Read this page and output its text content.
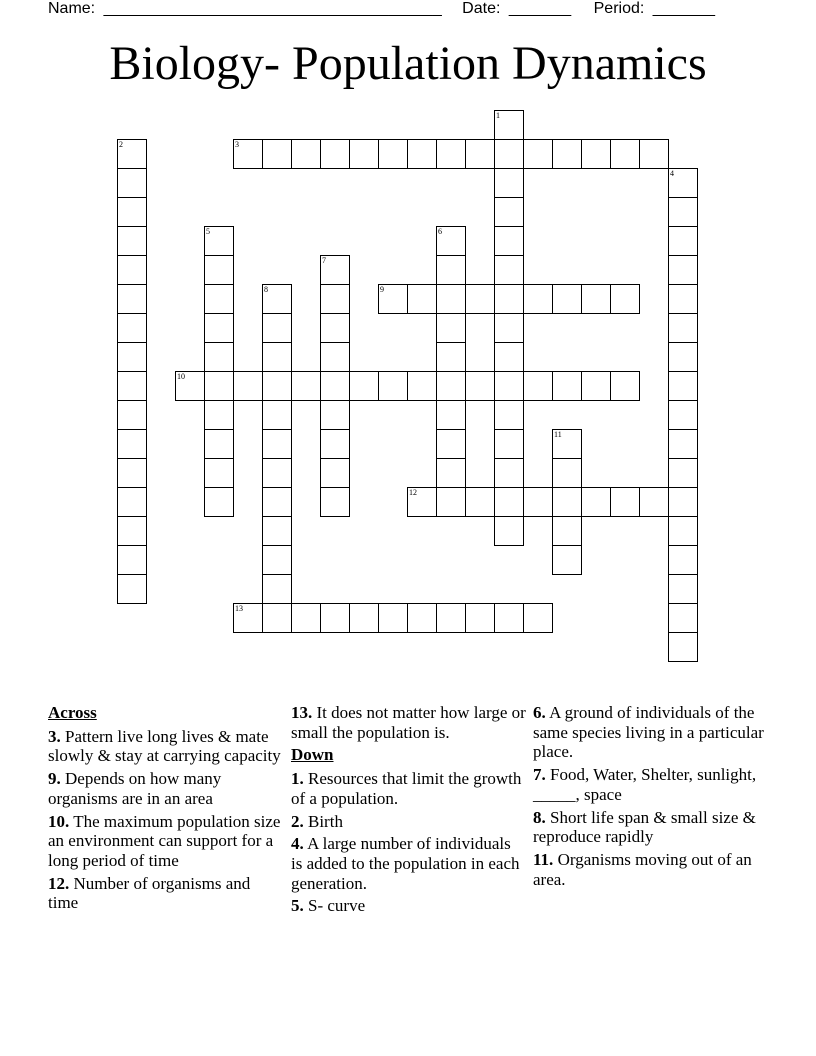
Name: ______________________________________ Date: _______ Period: _______
Biology- Population Dynamics
1
2	3
4
5	6
7
8	9
10
11
12
13
Across
3. Pattern live long lives & mate slowly & stay at carrying capacity
9. Depends on how many organisms are in an area
10. The maximum population size an environment can support for a long period of time
12. Number of organisms and time
13. It does not matter how large or small the population is.
Down
1. Resources that limit the growth of a population.
2. Birth
4. A large number of individuals is added to the population in each generation.
5. S- curve
6. A ground of individuals of the same species living in a particular place.
7. Food, Water, Shelter, sunlight, _____, space
8. Short life span & small size & reproduce rapidly
11. Organisms moving out of an area.
